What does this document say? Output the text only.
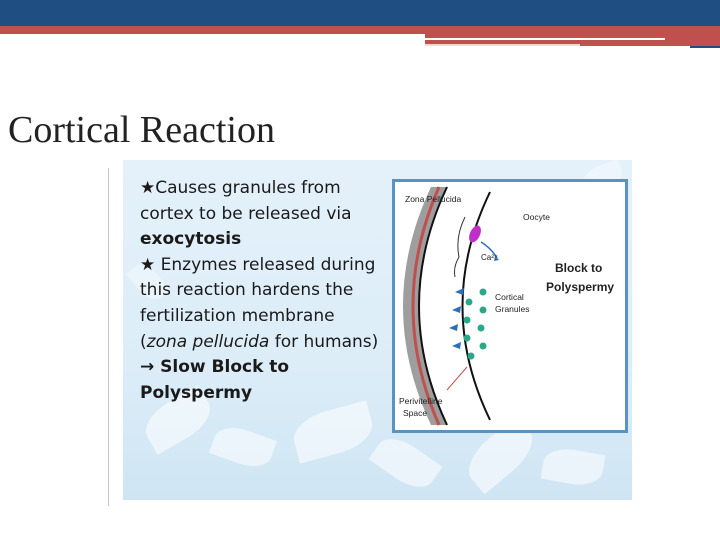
Cortical Reaction
★Causes granules from
cortex to be released via
exocytosis
★ Enzymes released during
this reaction hardens the
fertilization membrane
(zona pellucida for humans)
→ Slow Block to
Polyspermy
Zona Pellucida
Oocyte
Ca²⁺
Block to
Polyspermy
Cortical
Granules
Perivitelline
Space
